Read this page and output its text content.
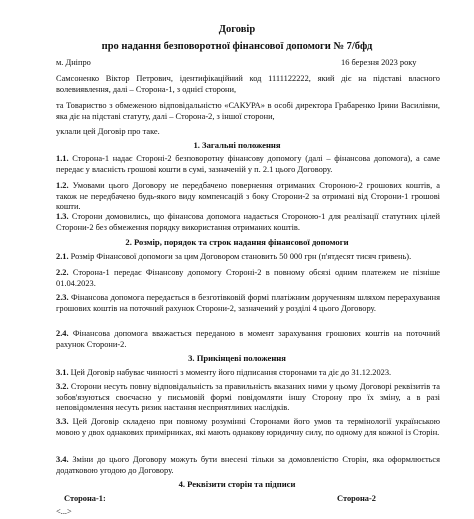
Договір
про надання безповоротної фінансової допомоги № 7/бфд
м. Дніпро	16 березня 2023 року
Самсоненко Віктор Петрович, ідентифікаційний код 1111122222, який діє на підставі власного волевиявлення, далі – Сторона-1, з однієї сторони,
та Товариство з обмеженою відповідальністю «САКУРА» в особі директора Грабаренко Ірини Василівни, яка діє на підставі статуту, далі – Сторона-2, з іншої сторони,
уклали цей Договір про таке.
1. Загальні положення
1.1. Сторона-1 надає Стороні-2 безповоротну фінансову допомогу (далі – фінансова допомога), а саме передає у власність грошові кошти в сумі, зазначеній у п. 2.1 цього Договору.
1.2. Умовами цього Договору не передбачено повернення отриманих Стороною-2 грошових коштів, а також не передбачено будь-якого виду компенсацій з боку Сторони-2 за отримані від Сторони-1 грошові кошти.
1.3. Сторони домовились, що фінансова допомога надається Стороною-1 для реалізації статутних цілей Сторони-2 без обмеження порядку використання отриманих коштів.
2. Розмір, порядок та строк надання фінансової допомоги
2.1. Розмір Фінансової допомоги за цим Договором становить 50 000 грн (п'ятдесят тисяч гривень).
2.2. Сторона-1 передає Фінансову допомогу Стороні-2 в повному обсязі одним платежем не пізніше 01.04.2023.
2.3. Фінансова допомога передається в безготівковій формі платіжним дорученням шляхом перерахування грошових коштів на поточний рахунок Сторони-2, зазначений у розділі 4 цього Договору.
2.4. Фінансова допомога вважається переданою в момент зарахування грошових коштів на поточний рахунок Сторони-2.
3. Прикінцеві положення
3.1. Цей Договір набуває чинності з моменту його підписання сторонами та діє до 31.12.2023.
3.2. Сторони несуть повну відповідальність за правильність вказаних ними у цьому Договорі реквізитів та зобов'язуються своєчасно у письмовій формі повідомляти іншу Сторону про їх зміну, а в разі неповідомлення несуть ризик настання несприятливих наслідків.
3.3. Цей Договір складено при повному розумінні Сторонами його умов та термінології українською мовою у двох однакових примірниках, які мають однакову юридичну силу, по одному для кожної із Сторін.
3.4. Зміни до цього Договору можуть бути внесені тільки за домовленістю Сторін, яка оформлюється додатковою угодою до Договору.
4. Реквізити сторін та підписи
Сторона-1:	Сторона-2
<...>
